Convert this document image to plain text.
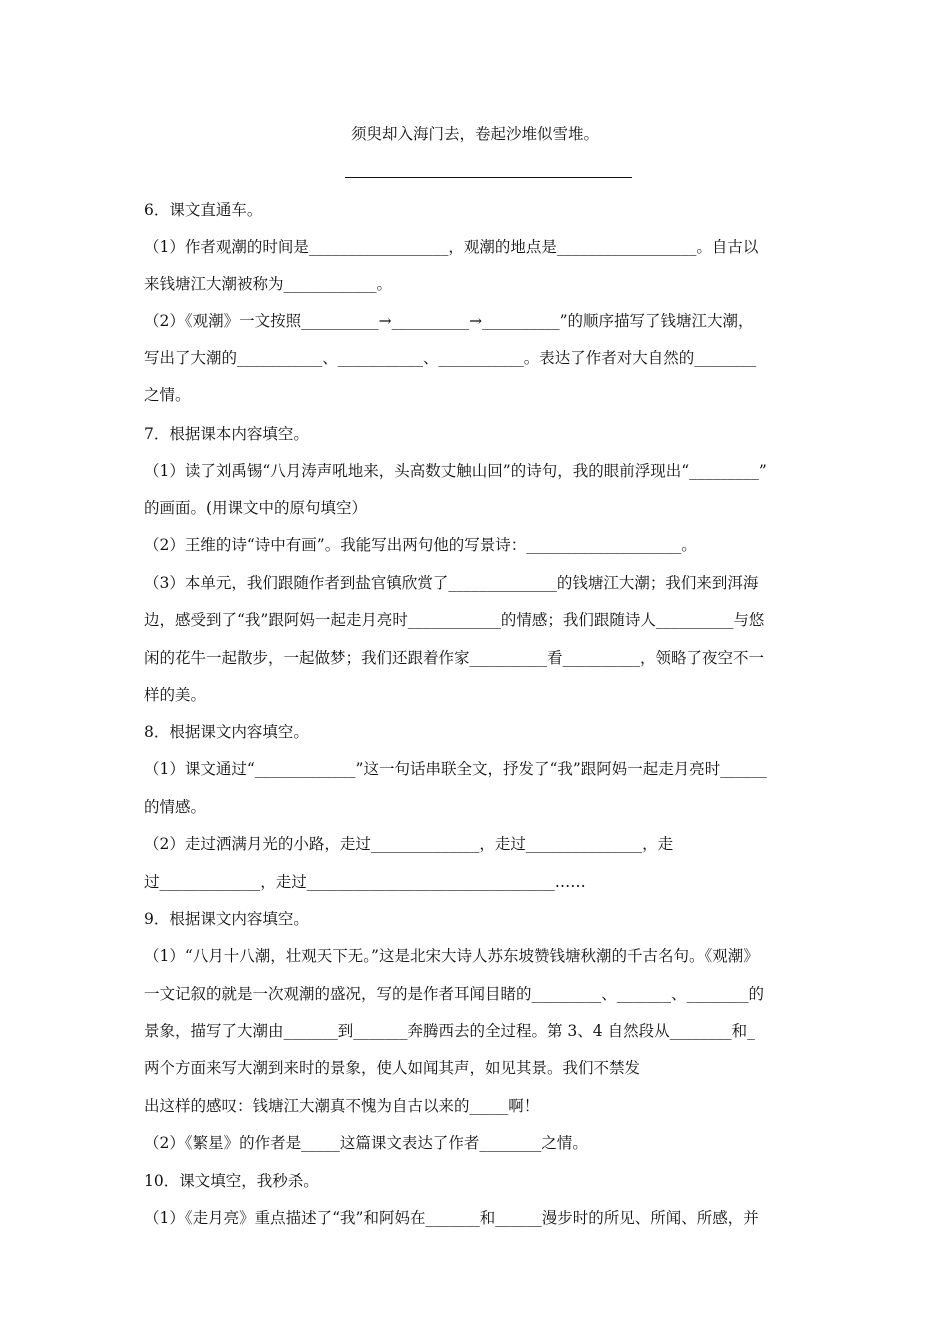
须臾却入海门去，卷起沙堆似雪堆。
6．课文直通车。
（1）作者观潮的时间是__________________，观潮的地点是__________________。自古以
来钱塘江大潮被称为____________。
（2）《观潮》一文按照__________→__________→__________”的顺序描写了钱塘江大潮，
写出了大潮的___________、___________、___________。表达了作者对大自然的________
之情。
7．根据课本内容填空。
（1）读了刘禹锡“八月涛声吼地来，头高数丈触山回”的诗句，我的眼前浮现出“_________”
的画面。(用课文中的原句填空）
（2）王维的诗“诗中有画”。我能写出两句他的写景诗：____________________。
（3）本单元，我们跟随作者到盐官镇欣赏了______________的钱塘江大潮；我们来到洱海
边，感受到了“我”跟阿妈一起走月亮时____________的情感；我们跟随诗人__________与悠
闲的花牛一起散步，一起做梦；我们还跟着作家__________看__________，领略了夜空不一
样的美。
8．根据课文内容填空。
（1）课文通过“_____________”这一句话串联全文，抒发了“我”跟阿妈一起走月亮时______
的情感。
（2）走过洒满月光的小路，走过______________，走过_______________，走
过_____________，走过________________________________……
9．根据课文内容填空。
（1）“八月十八潮，壮观天下无。”这是北宋大诗人苏东坡赞钱塘秋潮的千古名句。《观潮》
一文记叙的就是一次观潮的盛况，写的是作者耳闻目睹的_________、_______、________的
景象，描写了大潮由_______到_______奔腾西去的全过程。第 3、4 自然段从________和_
两个方面来写大潮到来时的景象，使人如闻其声，如见其景。我们不禁发
出这样的感叹：钱塘江大潮真不愧为自古以来的_____啊！
（2）《繁星》的作者是_____这篇课文表达了作者________之情。
10．课文填空，我秒杀。
（1）《走月亮》重点描述了“我”和阿妈在_______和______漫步时的所见、所闻、所感，并
